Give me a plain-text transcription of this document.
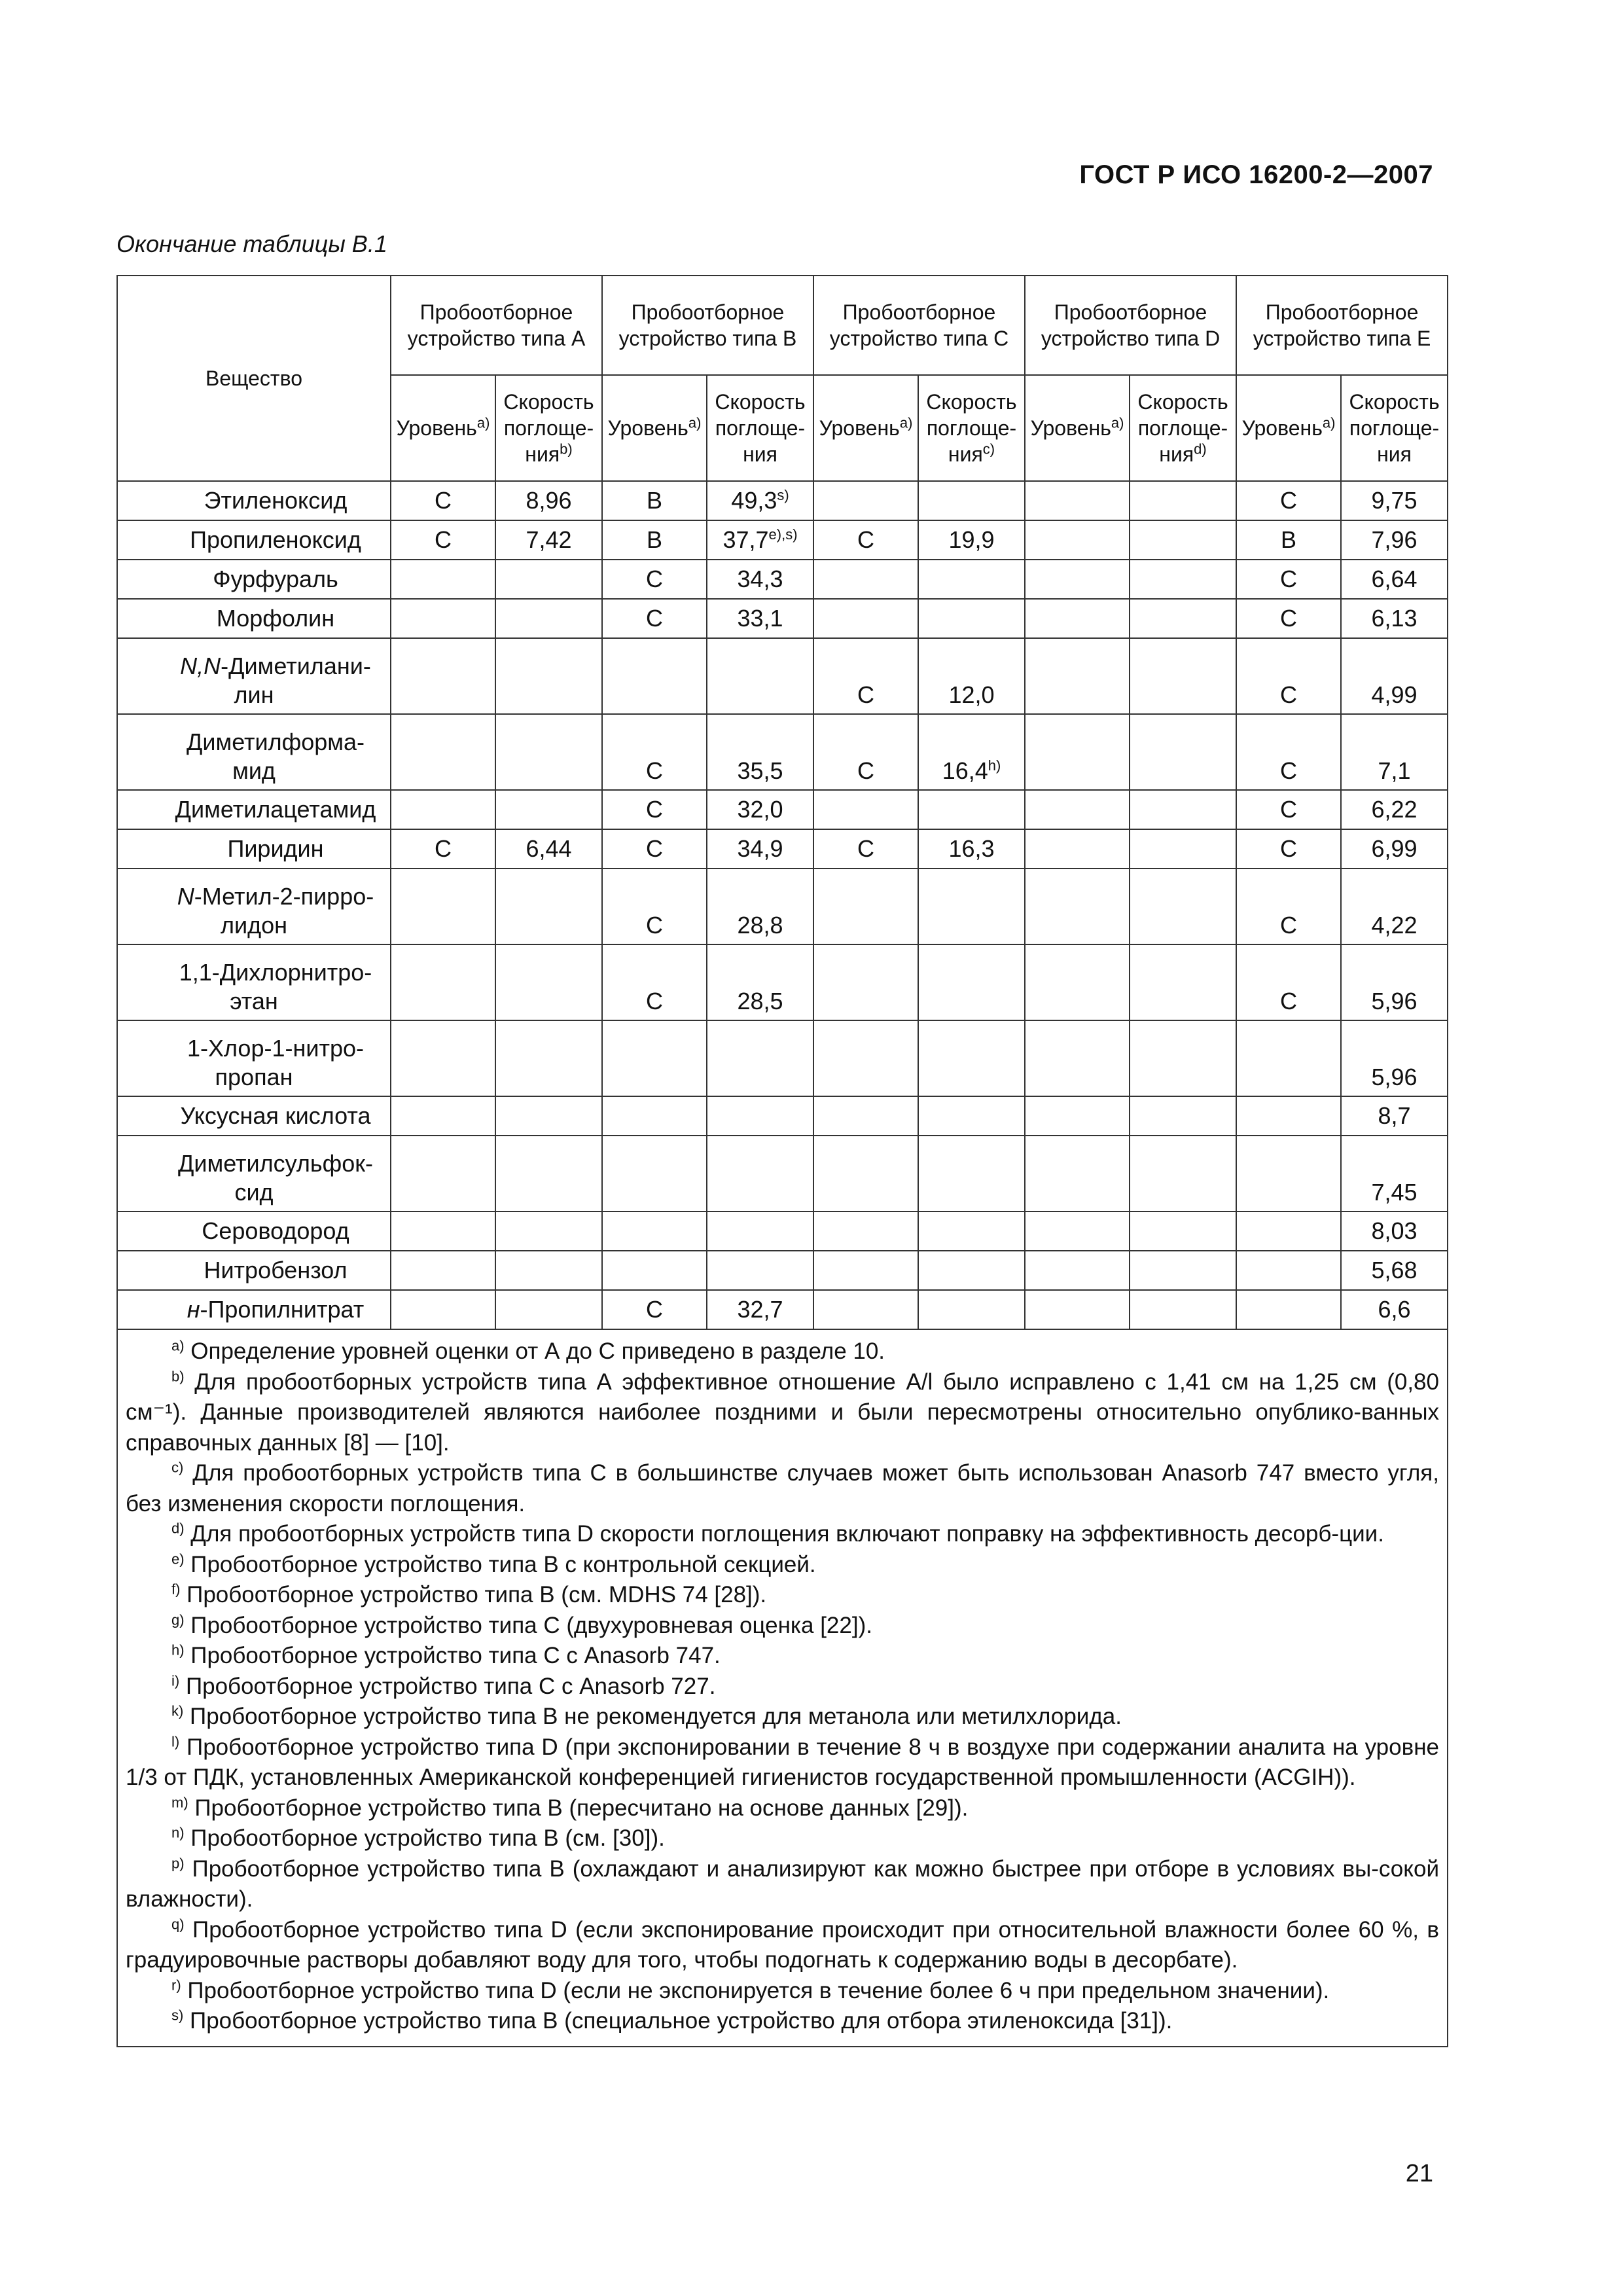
ГОСТ Р ИСО 16200-2—2007
Окончание таблицы В.1
Вещество	Пробоотборное устройство типа А		Пробоотборное устройство типа В		Пробоотборное устройство типа С		Пробоотборное устройство типа D		Пробоотборное устройство типа Е	
	Уровень$^{а)}$	Скорость поглоще-ния$^{b)}$	Уровень$^{а)}$	Скорость поглоще-ния	Уровень$^{а)}$	Скорость поглоще-ния$^{с)}$	Уровень$^{а)}$	Скорость поглоще-ния$^{d)}$	Уровень$^{а)}$	Скорость поглоще-ния
Этиленоксид	С	8,96	В	49,3$^{s)}$					С	9,75
Пропиленоксид	С	7,42	В	$37,7^{e),s)}$	С	19,9			В	7,96
Фурфураль			С	34,3					С	6,64
Морфолин			С	33,1					С	6,13
N,N-Диметилани-
лин					С	12,0			С	4,99
Диметилформа-
мид			С	35,5	С	16,4$^{h)}$			С	7,1
Диметилацетамид			С	32,0					С	6,22
Пиридин	С	6,44	С	34,9	С	16,3			С	6,99
N-Метил-2-пирро-
лидон			С	28,8					С	4,22
1,1-Дихлорнитро-
этан			С	28,5					С	5,96
1-Хлор-1-нитро-
пропан										5,96
Уксусная кислота										8,7
Диметилсульфок-
сид										7,45
Сероводород										8,03
Нитробензол										5,68
н-Пропилнитрат			С	32,7						6,6

$^{а)}$ Определение уровней оценки от А до С приведено в разделе 10.

$^{b)}$ Для пробоотборных устройств типа А эффективное отношение A/l было исправлено с 1,41 см на 1,25 см (0,80 см⁻¹). Данные производителей являются наиболее поздними и были пересмотрены относительно опублико-ванных справочных данных [8] — [10].

$^{c)}$ Для пробоотборных устройств типа С в большинстве случаев может быть использован Anasorb 747 вместо угля, без изменения скорости поглощения.

$^{d)}$ Для пробоотборных устройств типа D скорости поглощения включают поправку на эффективность десорб-ции.

$^{e)}$ Пробоотборное устройство типа В с контрольной секцией.

$^{f)}$ Пробоотборное устройство типа В (см. MDHS 74 [28]).

$^{g)}$ Пробоотборное устройство типа С (двухуровневая оценка [22]).

$^{h)}$ Пробоотборное устройство типа С с Anasorb 747.

$^{i)}$ Пробоотборное устройство типа С с Anasorb 727.

$^{k)}$ Пробоотборное устройство типа В не рекомендуется для метанола или метилхлорида.

$^{l)}$ Пробоотборное устройство типа D (при экспонировании в течение 8 ч в воздухе при содержании аналита на уровне 1/3 от ПДК, установленных Американской конференцией гигиенистов государственной промышленности (ACGIH)).

$^{m)}$ Пробоотборное устройство типа В (пересчитано на основе данных [29]).

$^{n)}$ Пробоотборное устройство типа В (см. [30]).

$^{p)}$ Пробоотборное устройство типа В (охлаждают и анализируют как можно быстрее при отборе в условиях вы-сокой влажности).

$^{q)}$ Пробоотборное устройство типа D (если экспонирование происходит при относительной влажности более 60 %, в градуировочные растворы добавляют воду для того, чтобы подогнать к содержанию воды в десорбате).

$^{r)}$ Пробоотборное устройство типа D (если не экспонируется в течение более 6 ч при предельном значении).

$^{s)}$ Пробоотборное устройство типа В (специальное устройство для отбора этиленоксида [31]).

21
